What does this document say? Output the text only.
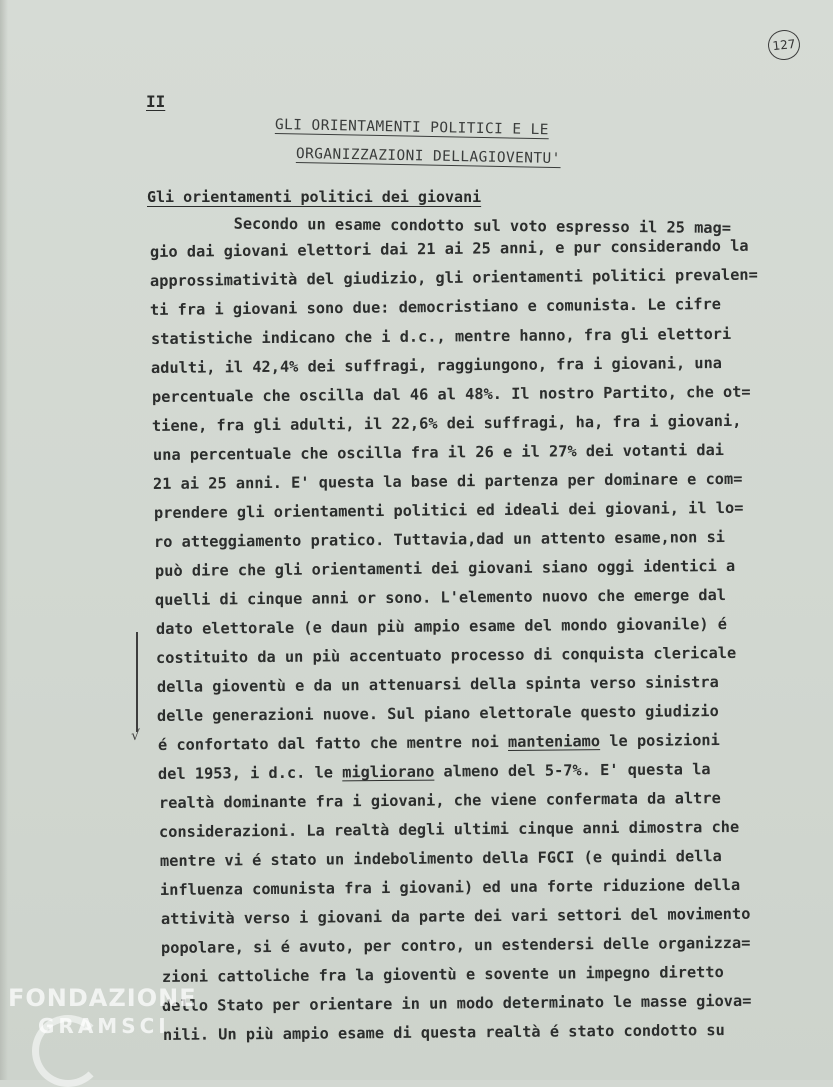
127
II
GLI ORIENTAMENTI POLITICI E LE
ORGANIZZAZIONI DELLAGIOVENTU'
Gli orientamenti politici dei giovani
Secondo un esame condotto sul voto espresso il 25 mag=
gio dai giovani elettori dai 21 ai 25 anni, e pur considerando la
approssimatività del giudizio, gli orientamenti politici prevalen=
ti fra i giovani sono due: democristiano e comunista. Le cifre
statistiche indicano che i d.c., mentre hanno, fra gli elettori
adulti, il 42,4% dei suffragi, raggiungono, fra i giovani, una
percentuale che oscilla dal 46 al 48%. Il nostro Partito, che ot=
tiene, fra gli adulti, il 22,6% dei suffragi, ha, fra i giovani,
una percentuale che oscilla fra il 26 e il 27% dei votanti dai
21 ai 25 anni. E' questa la base di partenza per dominare e com=
prendere gli orientamenti politici ed ideali dei giovani, il lo=
ro atteggiamento pratico. Tuttavia,dad un attento esame,non si
può dire che gli orientamenti dei giovani siano oggi identici a
quelli di cinque anni or sono. L'elemento nuovo che emerge dal
dato elettorale (e daun più ampio esame del mondo giovanile) é
costituito da un più accentuato processo di conquista clericale
della gioventù e da un attenuarsi della spinta verso sinistra
delle generazioni nuove. Sul piano elettorale questo giudizio
é confortato dal fatto che mentre noi manteniamo le posizioni
del 1953, i d.c. le migliorano almeno del 5-7%. E' questa la
realtà dominante fra i giovani, che viene confermata da altre
considerazioni. La realtà degli ultimi cinque anni dimostra che
mentre vi é stato un indebolimento della FGCI (e quindi della
influenza comunista fra i giovani) ed una forte riduzione della
attività verso i giovani da parte dei vari settori del movimento
popolare, si é avuto, per contro, un estendersi delle organizza=
zioni cattoliche fra la gioventù e sovente un impegno diretto
dello Stato per orientare in un modo determinato le masse giova=
nili. Un più ampio esame di questa realtà é stato condotto su
√
FONDAZIONE
GRAMSCI
